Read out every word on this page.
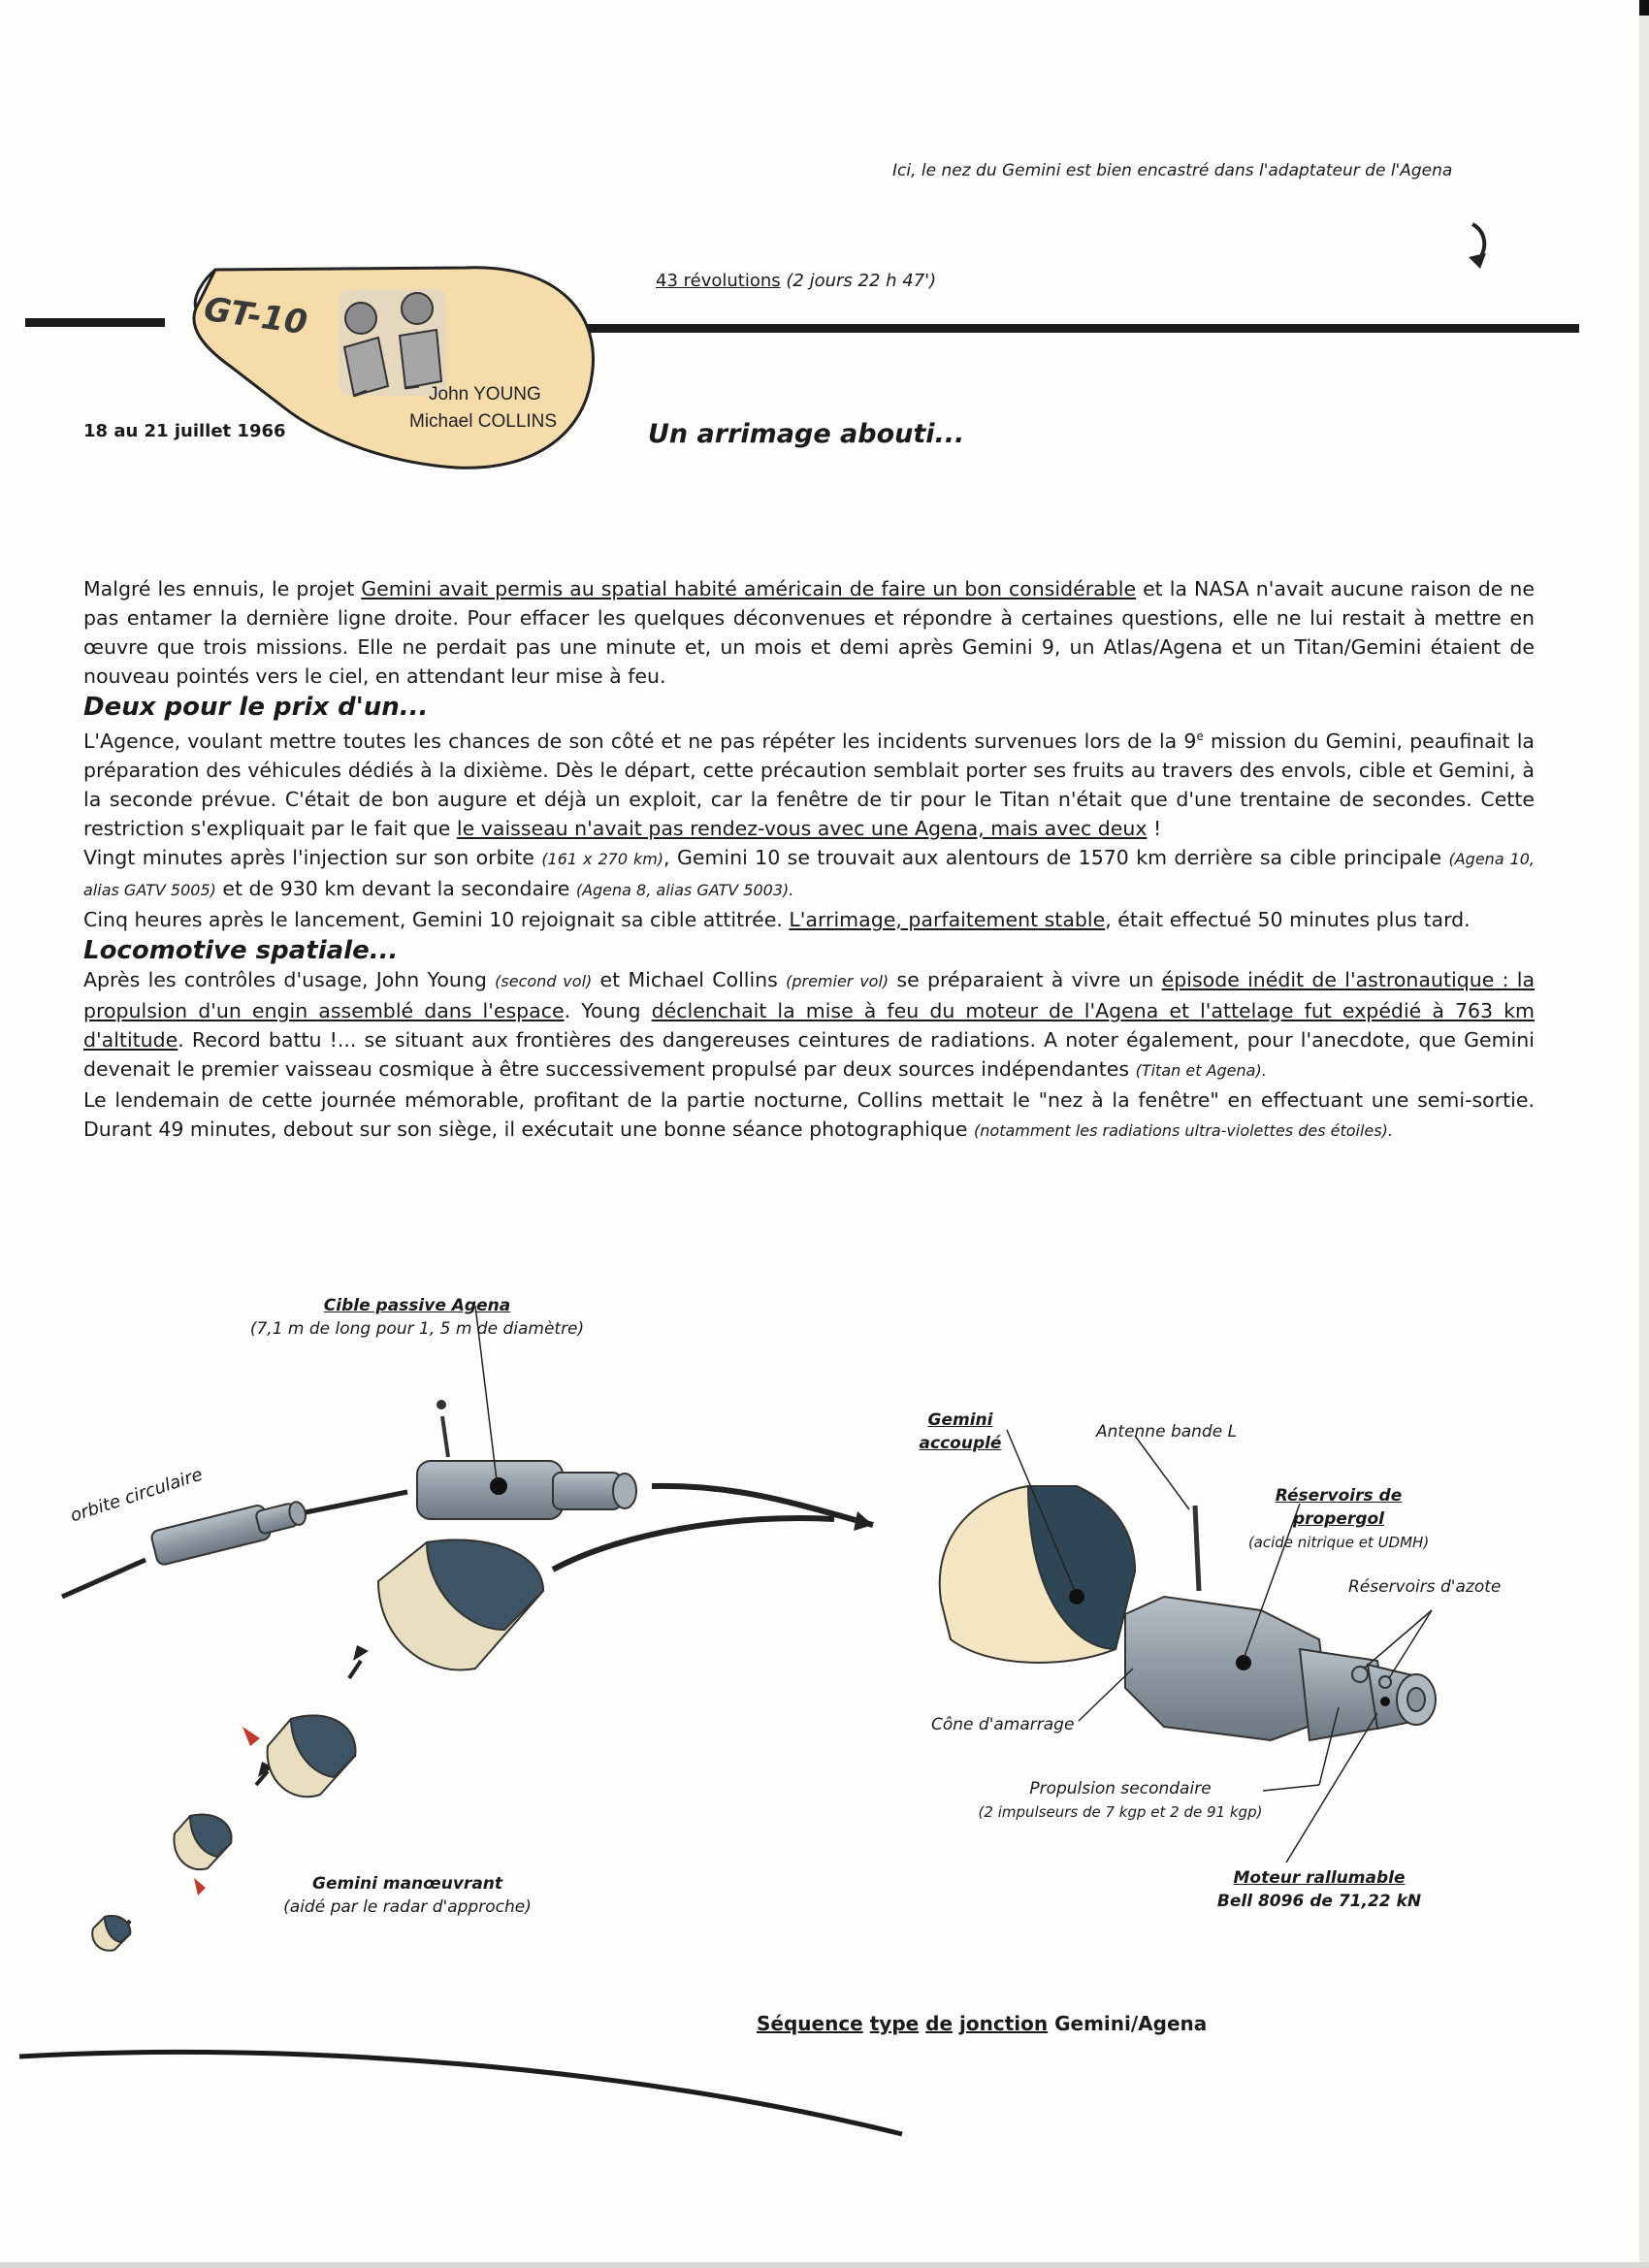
Ici, le nez du Gemini est bien encastré dans l'adaptateur de l'Agena
43 révolutions (2 jours 22 h 47')
GT-10
John YOUNG
Michael COLLINS
18 au 21 juillet 1966	Un arrimage abouti...

Malgré les ennuis, le projet Gemini avait permis au spatial habité américain de faire un bon considérable et la NASA n'avait aucune raison de ne pas entamer la dernière ligne droite. Pour effacer les quelques déconvenues et répondre à certaines questions, elle ne lui restait à mettre en œuvre que trois missions. Elle ne perdait pas une minute et, un mois et demi après Gemini 9, un Atlas/Agena et un Titan/Gemini étaient de nouveau pointés vers le ciel, en attendant leur mise à feu.

Deux pour le prix d'un...

L'Agence, voulant mettre toutes les chances de son côté et ne pas répéter les incidents survenues lors de la 9e mission du Gemini, peaufinait la préparation des véhicules dédiés à la dixième. Dès le départ, cette précaution semblait porter ses fruits au travers des envols, cible et Gemini, à la seconde prévue. C'était de bon augure et déjà un exploit, car la fenêtre de tir pour le Titan n'était que d'une trentaine de secondes. Cette restriction s'expliquait par le fait que le vaisseau n'avait pas rendez-vous avec une Agena, mais avec deux !

Vingt minutes après l'injection sur son orbite (161 x 270 km), Gemini 10 se trouvait aux alentours de 1570 km derrière sa cible principale (Agena 10, alias GATV 5005) et de 930 km devant la secondaire (Agena 8, alias GATV 5003).

Cinq heures après le lancement, Gemini 10 rejoignait sa cible attitrée. L'arrimage, parfaitement stable, était effectué 50 minutes plus tard.

Locomotive spatiale...

Après les contrôles d'usage, John Young (second vol) et Michael Collins (premier vol) se préparaient à vivre un épisode inédit de l'astronautique : la propulsion d'un engin assemblé dans l'espace. Young déclenchait la mise à feu du moteur de l'Agena et l'attelage fut expédié à 763 km d'altitude. Record battu !... se situant aux frontières des dangereuses ceintures de radiations. A noter également, pour l'anecdote, que Gemini devenait le premier vaisseau cosmique à être successivement propulsé par deux sources indépendantes (Titan et Agena).

Le lendemain de cette journée mémorable, profitant de la partie nocturne, Collins mettait le "nez à la fenêtre" en effectuant une semi-sortie. Durant 49 minutes, debout sur son siège, il exécutait une bonne séance photographique (notamment les radiations ultra-violettes des étoiles).

orbite circulaire
Cible passive Agena
(7,1 m de long pour 1, 5 m de diamètre)
Gemini accouplé
Antenne bande L
Réservoirs de propergol
(acide nitrique et UDMH)
Réservoirs d'azote
Cône d'amarrage
Propulsion secondaire
(2 impulseurs de 7 kgp et 2 de 91 kgp)
Moteur rallumable
Bell 8096 de 71,22 kN
Gemini manœuvrant
(aidé par le radar d'approche)
Séquence type de jonction Gemini/Agena
